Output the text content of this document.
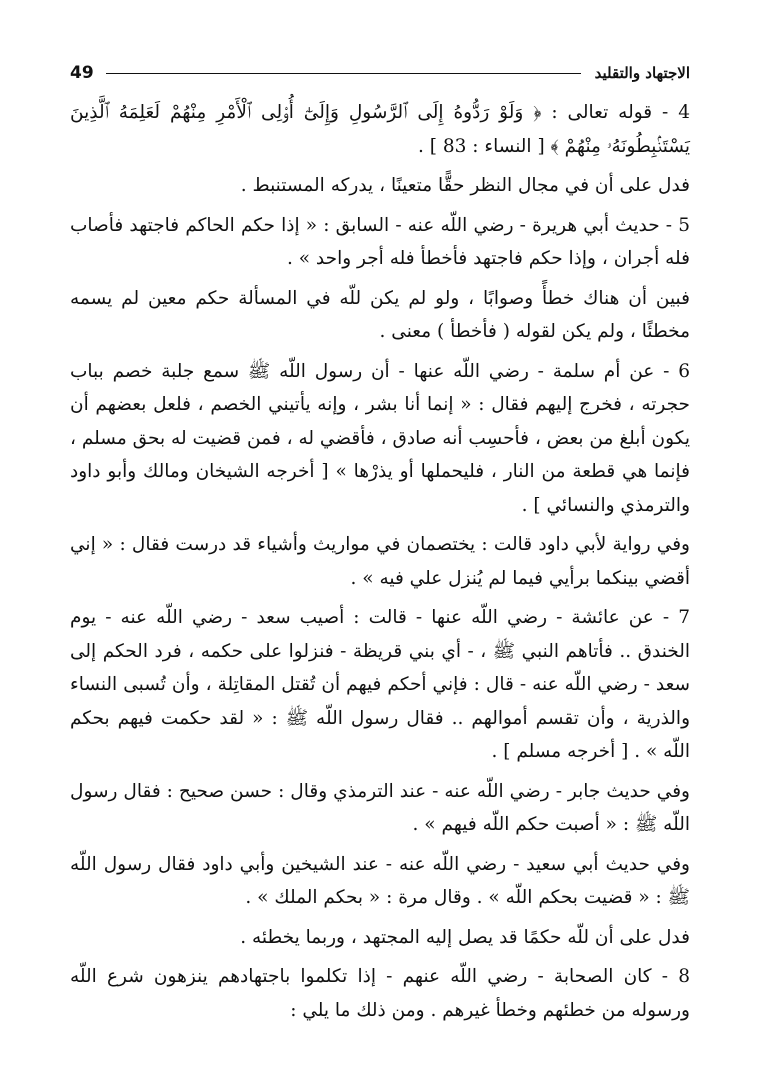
الاجتهاد والتقليد
49

4 - قوله تعالى : ﴿ وَلَوْ رَدُّوهُ إِلَى ٱلرَّسُولِ وَإِلَىٰٓ أُو۟لِى ٱلْأَمْرِ مِنْهُمْ لَعَلِمَهُ ٱلَّذِينَ يَسْتَنۢبِطُونَهُۥ مِنْهُمْ ﴾ [ النساء : 83 ] .

فدل على أن في مجال النظر حقًّا متعينًا ، يدركه المستنبط .

5 - حديث أبي هريرة - رضي اللّه عنه - السابق : « إذا حكم الحاكم فاجتهد فأصاب فله أجران ، وإذا حكم فاجتهد فأخطأ فله أجر واحد » .

فبين أن هناك خطأً وصوابًا ، ولو لم يكن للّه في المسألة حكم معين لم يسمه مخطئًا ، ولم يكن لقوله ( فأخطأ ) معنى .

6 - عن أم سلمة - رضي اللّه عنها - أن رسول اللّه ﷺ سمع جلبة خصم بباب حجرته ، فخرج إليهم فقال : « إنما أنا بشر ، وإنه يأتيني الخصم ، فلعل بعضهم أن يكون أبلغ من بعض ، فأحسِب أنه صادق ، فأقضي له ، فمن قضيت له بحق مسلم ، فإنما هي قطعة من النار ، فليحملها أو يذرْها » [ أخرجه الشيخان ومالك وأبو داود والترمذي والنسائي ] .

وفي رواية لأبي داود قالت : يختصمان في مواريث وأشياء قد درست فقال : « إني أقضي بينكما برأيي فيما لم يُنزل علي فيه » .

7 - عن عائشة - رضي اللّه عنها - قالت : أصيب سعد - رضي اللّه عنه - يوم الخندق .. فأتاهم النبي ﷺ ، - أي بني قريظة - فنزلوا على حكمه ، فرد الحكم إلى سعد - رضي اللّه عنه - قال : فإني أحكم فيهم أن تُقتل المقاتِلة ، وأن تُسبى النساء والذرية ، وأن تقسم أموالهم .. فقال رسول اللّه ﷺ : « لقد حكمت فيهم بحكم اللّه » . [ أخرجه مسلم ] .

وفي حديث جابر - رضي اللّه عنه - عند الترمذي وقال : حسن صحيح : فقال رسول اللّه ﷺ : « أصبت حكم اللّه فيهم » .

وفي حديث أبي سعيد - رضي اللّه عنه - عند الشيخين وأبي داود فقال رسول اللّه ﷺ : « قضيت بحكم اللّه » . وقال مرة : « بحكم الملك » .

فدل على أن للّه حكمًا قد يصل إليه المجتهد ، وربما يخطئه .

8 - كان الصحابة - رضي اللّه عنهم - إذا تكلموا باجتهادهم ينزهون شرع اللّه ورسوله من خطئهم وخطأ غيرهم . ومن ذلك ما يلي :
